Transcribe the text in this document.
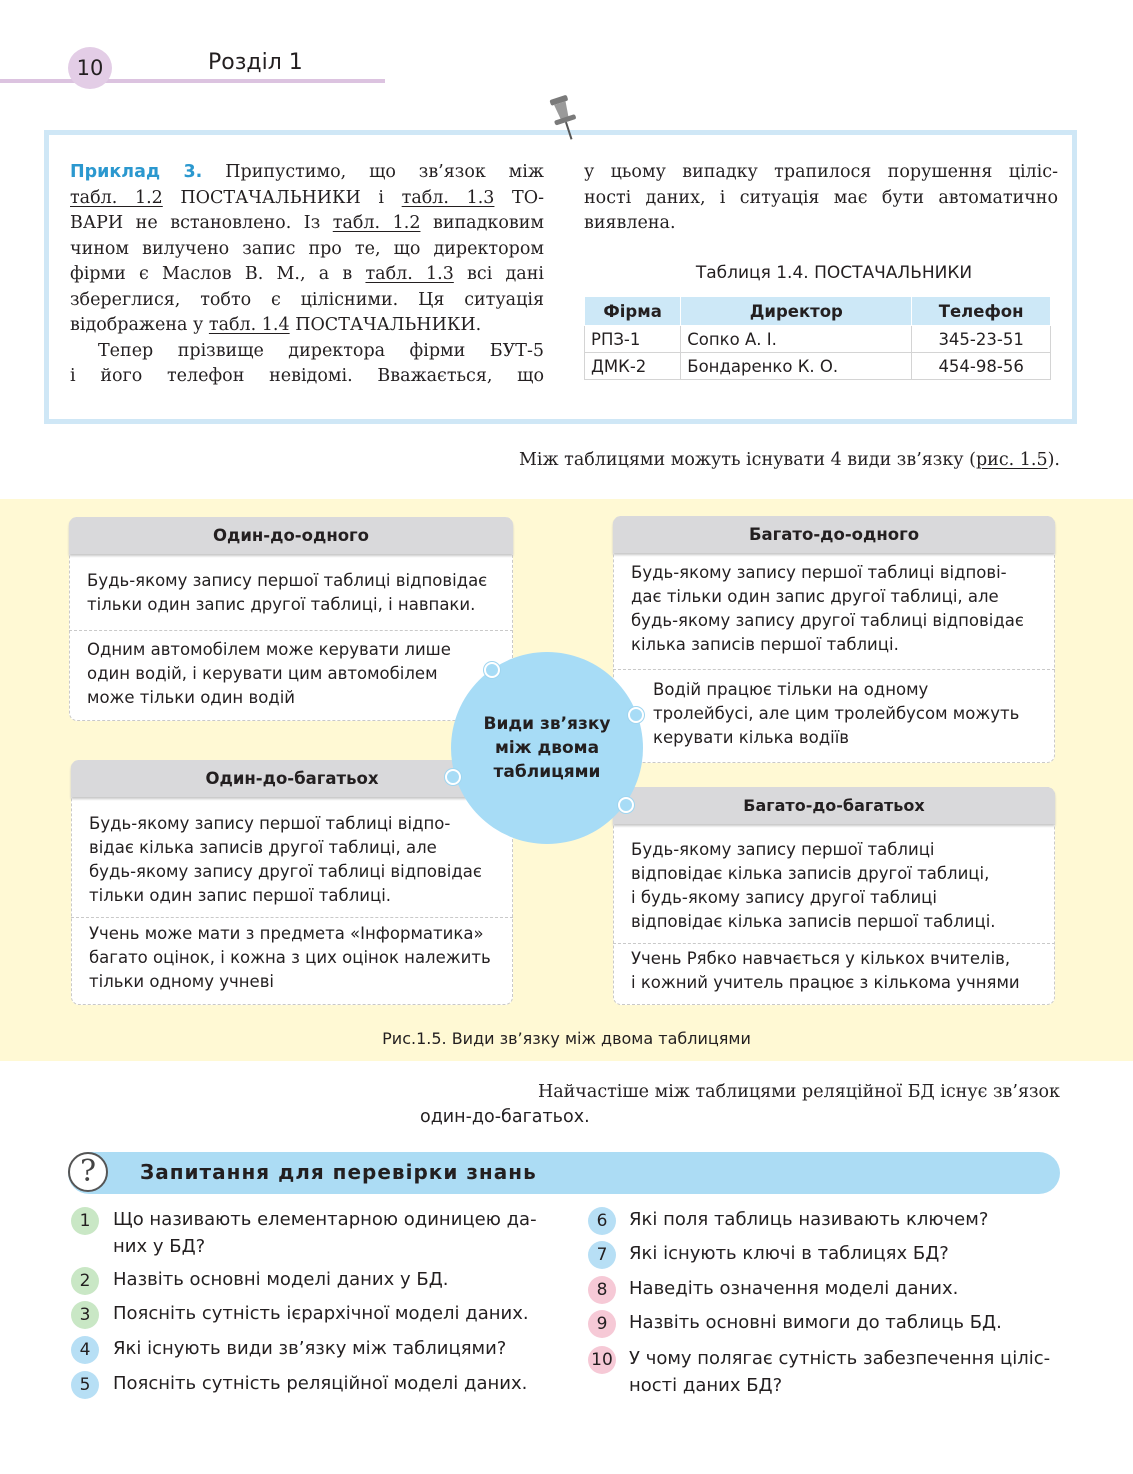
10	Розділ 1
Приклад 3. Припустимо, що зв’язок між
табл. 1.2 ПОСТАЧАЛЬНИКИ і табл. 1.3 ТО-
ВАРИ не встановлено. Із табл. 1.2 випадковим
чином вилучено запис про те, що директором
фірми є Маслов В. М., а в табл. 1.3 всі дані
збереглися, тобто є цілісними. Ця ситуація
відображена у табл. 1.4 ПОСТАЧАЛЬНИКИ.
Тепер прізвище директора фірми БУТ-5
і його телефон невідомі. Вважається, що
у цьому випадку трапилося порушення ціліс-
ності даних, і ситуація має бути автоматично
виявлена.
Таблиця 1.4. ПОСТАЧАЛЬНИКИ
Фірма	Директор	Телефон
РПЗ-1	Сопко А. І.	345-23-51
ДМК-2	Бондаренко К. О.	454-98-56
Між таблицями можуть існувати 4 види зв’язку (рис. 1.5).
Один-до-одного
Будь-якому запису першої таблиці відповідає
тільки один запис другої таблиці, і навпаки.
Одним автомобілем може керувати лише
один водій, і керувати цим автомобілем
може тільки один водій
Один-до-багатьох
Будь-якому запису першої таблиці відпо-
відає кілька записів другої таблиці, але
будь-якому запису другої таблиці відповідає
тільки один запис першої таблиці.
Учень може мати з предмета «Інформатика»
багато оцінок, і кожна з цих оцінок належить
тільки одному учневі
Багато-до-одного
Будь-якому запису першої таблиці відпові-
дає тільки один запис другої таблиці, але
будь-якому запису другої таблиці відповідає
кілька записів першої таблиці.
Водій працює тільки на одному
тролейбусі, але цим тролейбусом можуть
керувати кілька водіїв
Багато-до-багатьох
Будь-якому запису першої таблиці
відповідає кілька записів другої таблиці,
і будь-якому запису другої таблиці
відповідає кілька записів першої таблиці.
Учень Рябко навчається у кількох вчителів,
і кожний учитель працює з кількома учнями
Види зв’язку
між двома
таблицями
Рис.1.5. Види зв’язку між двома таблицями
Найчастіше між таблицями реляційної БД існує зв’язок
один-до-багатьох.
?	Запитання для перевірки знань
1	Що називають елементарною одиницею да-
них у БД?
2	Назвіть основні моделі даних у БД.
3	Поясніть сутність ієрархічної моделі даних.
4	Які існують види зв’язку між таблицями?
5	Поясніть сутність реляційної моделі даних.
6	Які поля таблиць називають ключем?
7	Які існують ключі в таблицях БД?
8	Наведіть означення моделі даних.
9	Назвіть основні вимоги до таблиць БД.
10 У чому полягає сутність забезпечення ціліс-
ності даних БД?
